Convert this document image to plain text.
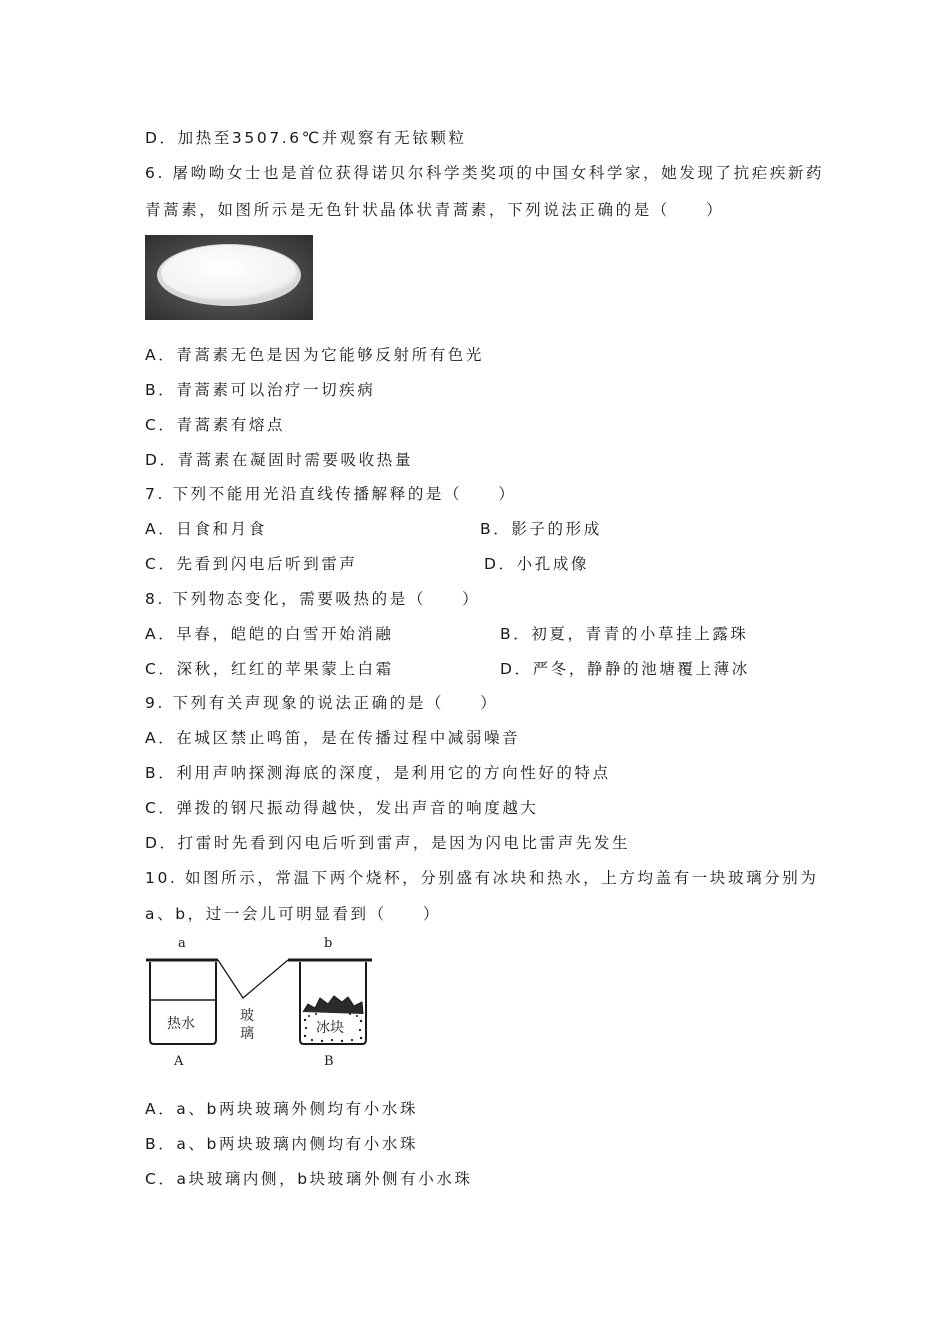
D．加热至3507.6℃并观察有无铱颗粒
6. 屠呦呦女士也是首位获得诺贝尔科学类奖项的中国女科学家，她发现了抗疟疾新药
青蒿素，如图所示是无色针状晶体状青蒿素，下列说法正确的是（　　）
A．青蒿素无色是因为它能够反射所有色光
B．青蒿素可以治疗一切疾病
C．青蒿素有熔点
D．青蒿素在凝固时需要吸收热量
7. 下列不能用光沿直线传播解释的是（　　）
A．日食和月食	B．影子的形成
C．先看到闪电后听到雷声	D．小孔成像
8. 下列物态变化，需要吸热的是（　　）
A．早春，皑皑的白雪开始消融	B．初夏，青青的小草挂上露珠
C．深秋，红红的苹果蒙上白霜	D．严冬，静静的池塘覆上薄冰
9. 下列有关声现象的说法正确的是（　　）
A．在城区禁止鸣笛，是在传播过程中减弱噪音
B．利用声呐探测海底的深度，是利用它的方向性好的特点
C．弹拨的钢尺振动得越快，发出声音的响度越大
D．打雷时先看到闪电后听到雷声，是因为闪电比雷声先发生
10. 如图所示，常温下两个烧杯，分别盛有冰块和热水，上方均盖有一块玻璃分别为
a、b，过一会儿可明显看到（　　）
a	b
热水	玻
璃	冰块
A	B
A．a、b两块玻璃外侧均有小水珠
B．a、b两块玻璃内侧均有小水珠
C．a块玻璃内侧，b块玻璃外侧有小水珠
